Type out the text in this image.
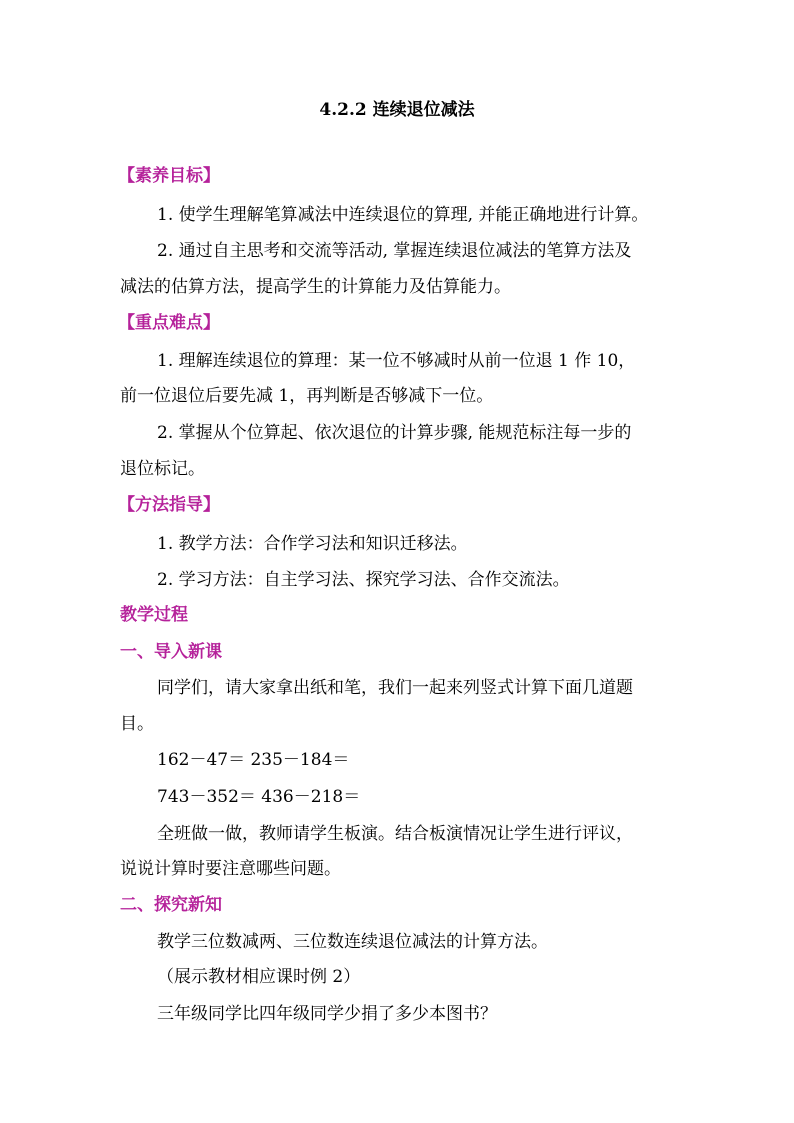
4.2.2 连续退位减法
【素养目标】
1. 使学生理解笔算减法中连续退位的算理, 并能正确地进行计算。
2. 通过自主思考和交流等活动, 掌握连续退位减法的笔算方法及
减法的估算方法，提高学生的计算能力及估算能力。
【重点难点】
1. 理解连续退位的算理：某一位不够减时从前一位退 1 作 10，
前一位退位后要先减 1，再判断是否够减下一位。
2. 掌握从个位算起、依次退位的计算步骤, 能规范标注每一步的
退位标记。
【方法指导】
1. 教学方法：合作学习法和知识迁移法。
2. 学习方法：自主学习法、探究学习法、合作交流法。
教学过程
一、导入新课
同学们，请大家拿出纸和笔，我们一起来列竖式计算下面几道题
目。
162－47＝ 235－184＝
743－352＝ 436－218＝
全班做一做，教师请学生板演。结合板演情况让学生进行评议，
说说计算时要注意哪些问题。
二、探究新知
教学三位数减两、三位数连续退位减法的计算方法。
（展示教材相应课时例 2）
三年级同学比四年级同学少捐了多少本图书？
